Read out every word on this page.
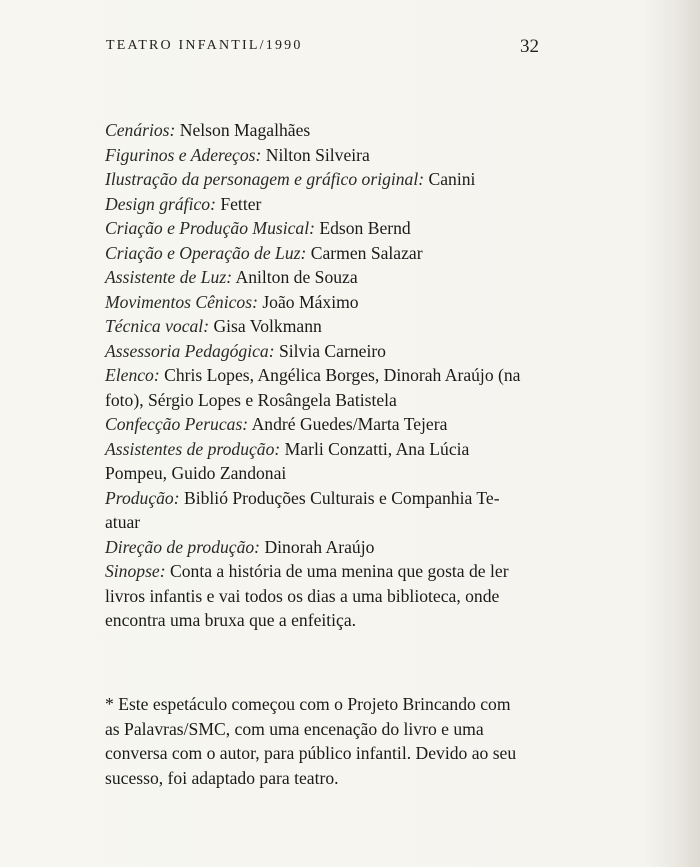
TEATRO INFANTIL/1990	32

Cenários: Nelson Magalhães

Figurinos e Adereços: Nilton Silveira

Ilustração da personagem e gráfico original: Canini

Design gráfico: Fetter

Criação e Produção Musical: Edson Bernd

Criação e Operação de Luz: Carmen Salazar

Assistente de Luz: Anilton de Souza

Movimentos Cênicos: João Máximo

Técnica vocal: Gisa Volkmann

Assessoria Pedagógica: Silvia Carneiro

Elenco: Chris Lopes, Angélica Borges, Dinorah Araújo (na foto), Sérgio Lopes e Rosângela Batistela

Confecção Perucas: André Guedes/Marta Tejera

Assistentes de produção: Marli Conzatti, Ana Lúcia Pompeu, Guido Zandonai

Produção: Biblió Produções Culturais e Companhia Te-atuar

Direção de produção: Dinorah Araújo

Sinopse: Conta a história de uma menina que gosta de ler livros infantis e vai todos os dias a uma biblioteca, onde encontra uma bruxa que a enfeitiça.

* Este espetáculo começou com o Projeto Brincando com as Palavras/SMC, com uma encenação do livro e uma conversa com o autor, para público infantil. Devido ao seu sucesso, foi adaptado para teatro.
